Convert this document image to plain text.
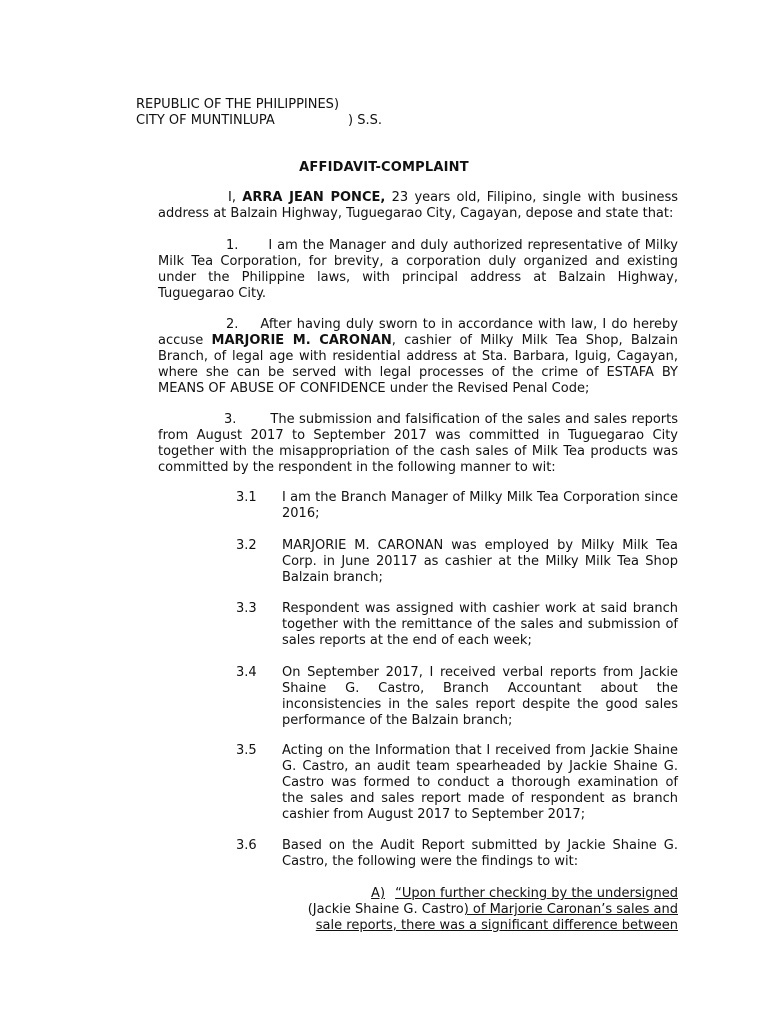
REPUBLIC OF THE PHILIPPINES)
CITY OF MUNTINLUPA	) S.S.
AFFIDAVIT-COMPLAINT
I, ARRA JEAN PONCE, 23 years old, Filipino, single with business address at Balzain Highway, Tuguegarao City, Cagayan, depose and state that:
1. I am the Manager and duly authorized representative of Milky Milk Tea Corporation, for brevity, a corporation duly organized and existing under the Philippine laws, with principal address at Balzain Highway, Tuguegarao City.
2. After having duly sworn to in accordance with law, I do hereby accuse MARJORIE M. CARONAN, cashier of Milky Milk Tea Shop, Balzain Branch, of legal age with residential address at Sta. Barbara, Iguig, Cagayan, where she can be served with legal processes of the crime of ESTAFA BY MEANS OF ABUSE OF CONFIDENCE under the Revised Penal Code;
3.	The submission and falsification of the sales and sales reports from August 2017 to September 2017 was committed in Tuguegarao City together with the misappropriation of the cash sales of Milk Tea products was committed by the respondent in the following manner to wit:
3.1	I am the Branch Manager of Milky Milk Tea Corporation since 2016;
3.2	MARJORIE M. CARONAN was employed by Milky Milk Tea Corp. in June 20117 as cashier at the Milky Milk Tea Shop Balzain branch;
3.3	Respondent was assigned with cashier work at said branch together with the remittance of the sales and submission of sales reports at the end of each week;
3.4	On September 2017, I received verbal reports from Jackie Shaine G. Castro, Branch Accountant about the inconsistencies in the sales report despite the good sales performance of the Balzain branch;
3.5	Acting on the Information that I received from Jackie Shaine G. Castro, an audit team spearheaded by Jackie Shaine G. Castro was formed to conduct a thorough examination of the sales and sales report made of respondent as branch cashier from August 2017 to September 2017;
3.6	Based on the Audit Report submitted by Jackie Shaine G. Castro, the following were the findings to wit:
A) “Upon further checking by the undersigned
(Jackie Shaine G. Castro) of Marjorie Caronan’s sales and
sale reports, there was a significant difference between
